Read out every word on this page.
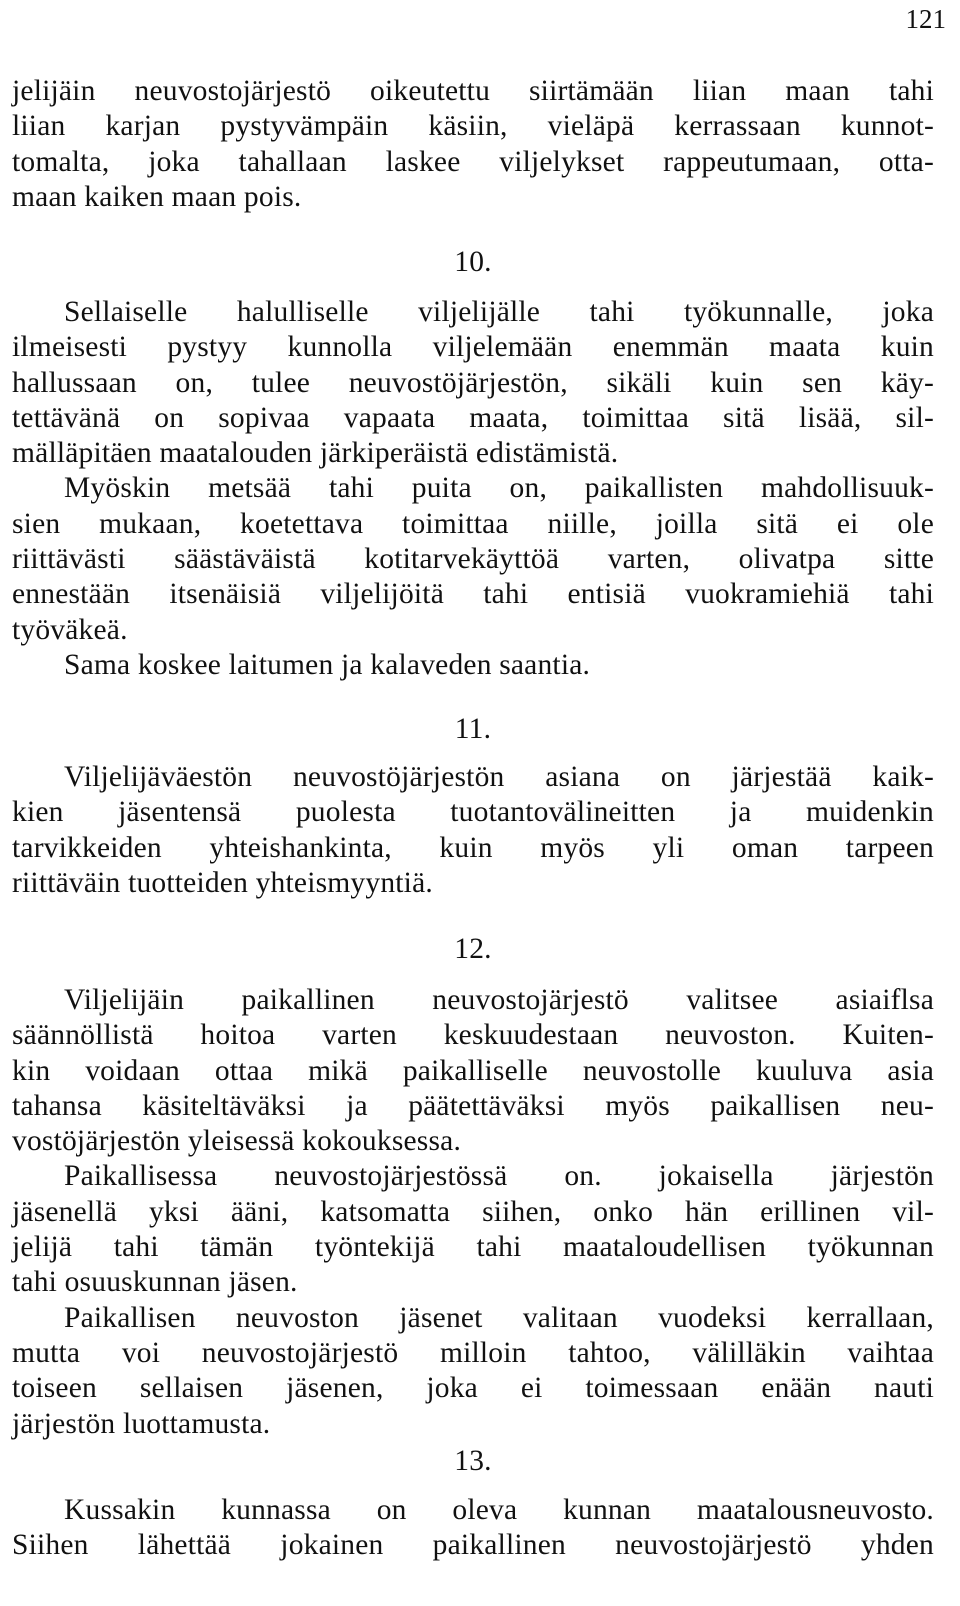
121
jelijäin neuvostojärjestö oikeutettu siirtämään liian maan tahi
liian karjan pystyvämpäin käsiin, vieläpä kerrassaan kunnot-
tomalta, joka tahallaan laskee viljelykset rappeutumaan, otta-
maan kaiken maan pois.
10.
Sellaiselle halulliselle viljelijälle tahi työkunnalle, joka
ilmeisesti pystyy kunnolla viljelemään enemmän maata kuin
hallussaan on, tulee neuvostöjärjestön, sikäli kuin sen käy-
tettävänä on sopivaa vapaata maata, toimittaa sitä lisää, sil-
mälläpitäen maatalouden järkiperäistä edistämistä.
Myöskin metsää tahi puita on, paikallisten mahdollisuuk-
sien mukaan, koetettava toimittaa niille, joilla sitä ei ole
riittävästi säästäväistä kotitarvekäyttöä varten, olivatpa sitte
ennestään itsenäisiä viljelijöitä tahi entisiä vuokramiehiä tahi
työväkeä.
Sama koskee laitumen ja kalaveden saantia.
11.
Viljelijäväestön neuvostöjärjestön asiana on järjestää kaik-
kien jäsentensä puolesta tuotantovälineitten ja muidenkin
tarvikkeiden yhteishankinta, kuin myös yli oman tarpeen
riittäväin tuotteiden yhteismyyntiä.
12.
Viljelijäin paikallinen neuvostojärjestö valitsee asiaiflsa
säännöllistä hoitoa varten keskuudestaan neuvoston. Kuiten-
kin voidaan ottaa mikä paikalliselle neuvostolle kuuluva asia
tahansa käsiteltäväksi ja päätettäväksi myös paikallisen neu-
vostöjärjestön yleisessä kokouksessa.
Paikallisessa neuvostojärjestössä on. jokaisella järjestön
jäsenellä yksi ääni, katsomatta siihen, onko hän erillinen vil-
jelijä tahi tämän työntekijä tahi maataloudellisen työkunnan
tahi osuuskunnan jäsen.
Paikallisen neuvoston jäsenet valitaan vuodeksi kerrallaan,
mutta voi neuvostojärjestö milloin tahtoo, välilläkin vaihtaa
toiseen sellaisen jäsenen, joka ei toimessaan enään nauti
järjestön luottamusta.
13.
Kussakin kunnassa on oleva kunnan maatalousneuvosto.
Siihen lähettää jokainen paikallinen neuvostojärjestö yhden
